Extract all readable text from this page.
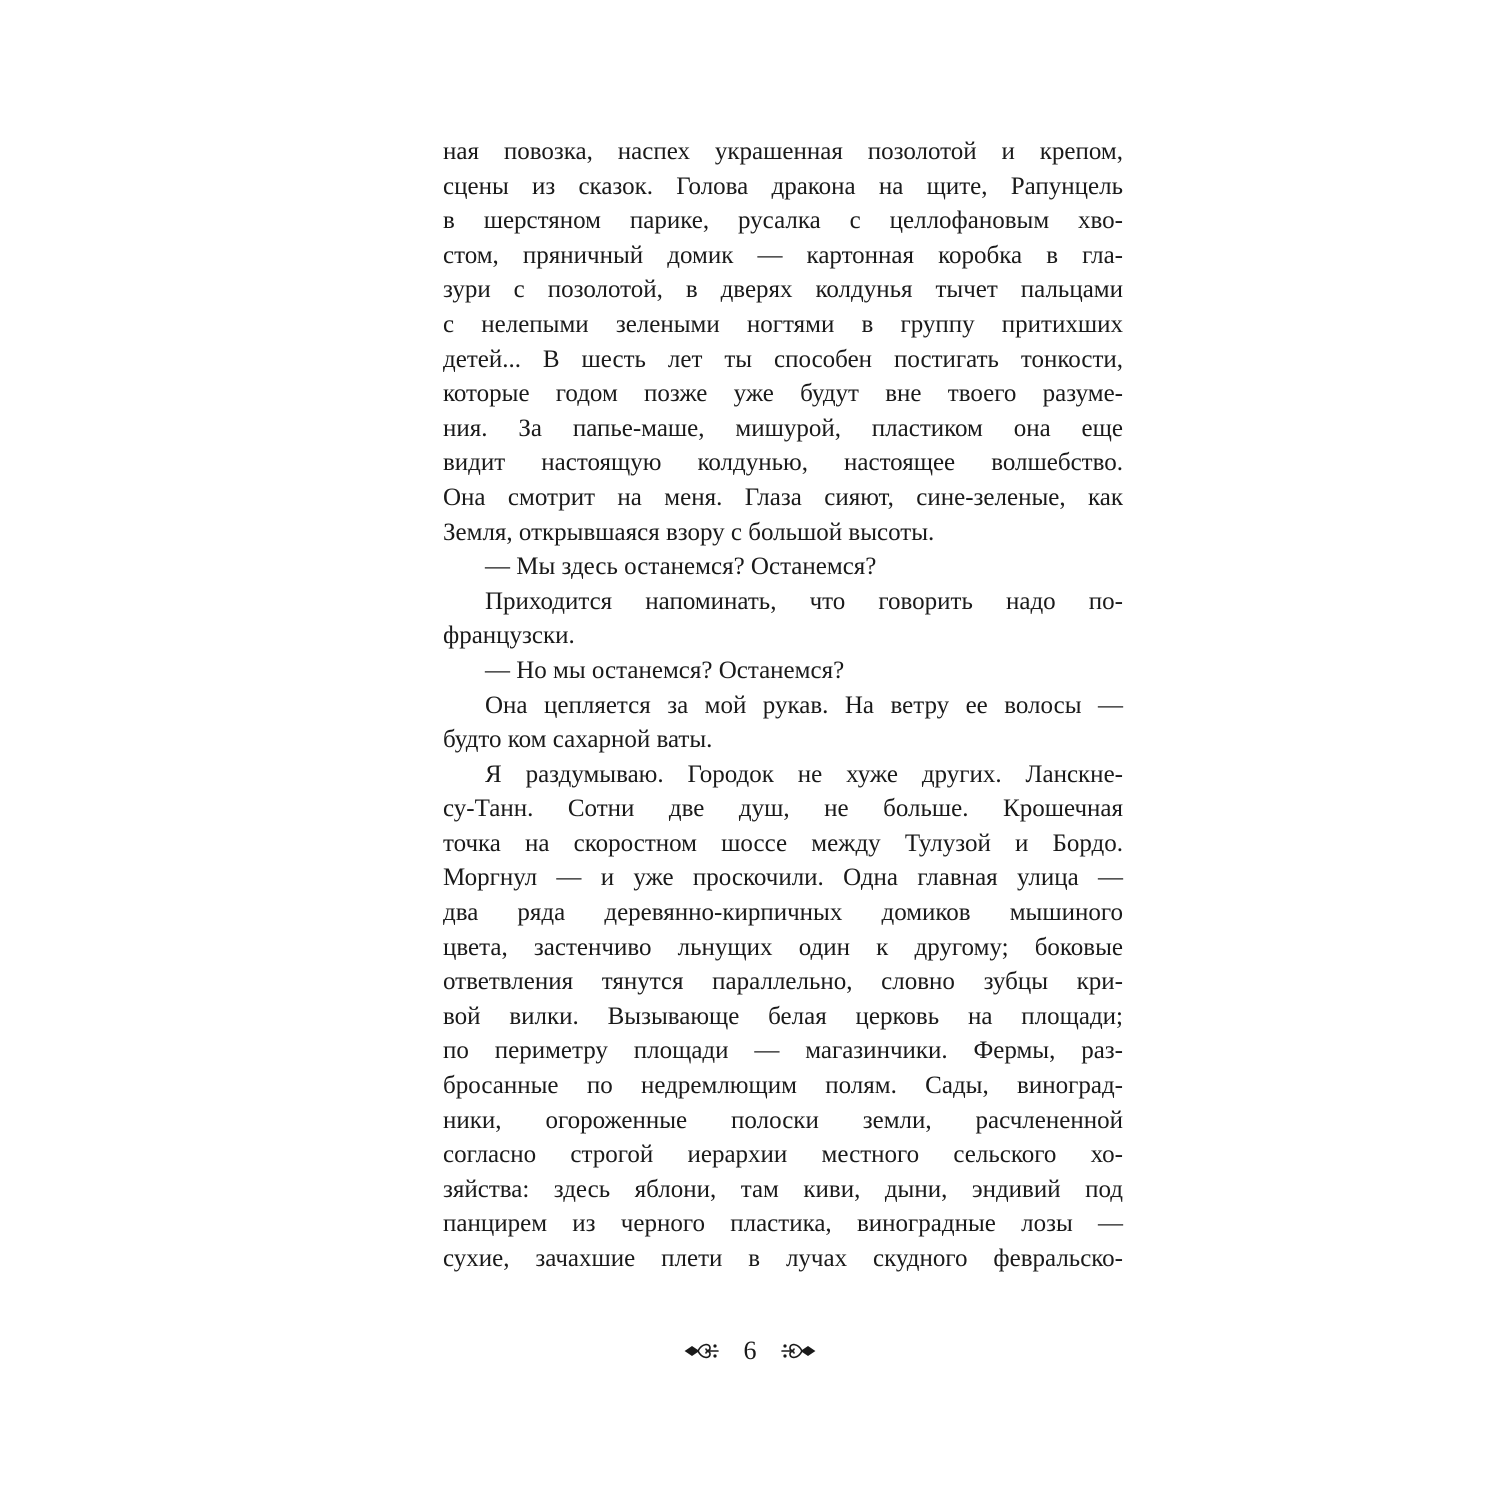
ная повозка, наспех украшенная позолотой и крепом,
сцены из сказок. Голова дракона на щите, Рапунцель
в шерстяном парике, русалка с целлофановым хво-
стом, пряничный домик — картонная коробка в гла-
зури с позолотой, в дверях колдунья тычет пальцами
с нелепыми зелеными ногтями в группу притихших
детей... В шесть лет ты способен постигать тонкости,
которые годом позже уже будут вне твоего разуме-
ния. За папье-маше, мишурой, пластиком она еще
видит настоящую колдунью, настоящее волшебство.
Она смотрит на меня. Глаза сияют, сине-зеленые, как
Земля, открывшаяся взору с большой высоты.
— Мы здесь останемся? Останемся?
Приходится напоминать, что говорить надо по-
французски.
— Но мы останемся? Останемся?
Она цепляется за мой рукав. На ветру ее волосы —
будто ком сахарной ваты.
Я раздумываю. Городок не хуже других. Ланскне-
су-Танн. Сотни две душ, не больше. Крошечная
точка на скоростном шоссе между Тулузой и Бордо.
Моргнул — и уже проскочили. Одна главная улица —
два ряда деревянно-кирпичных домиков мышиного
цвета, застенчиво льнущих один к другому; боковые
ответвления тянутся параллельно, словно зубцы кри-
вой вилки. Вызывающе белая церковь на площади;
по периметру площади — магазинчики. Фермы, раз-
бросанные по недремлющим полям. Сады, виноград-
ники, огороженные полоски земли, расчлененной
согласно строгой иерархии местного сельского хо-
зяйства: здесь яблони, там киви, дыни, эндивий под
панцирем из черного пластика, виноградные лозы —
сухие, зачахшие плети в лучах скудного февральско-
6
